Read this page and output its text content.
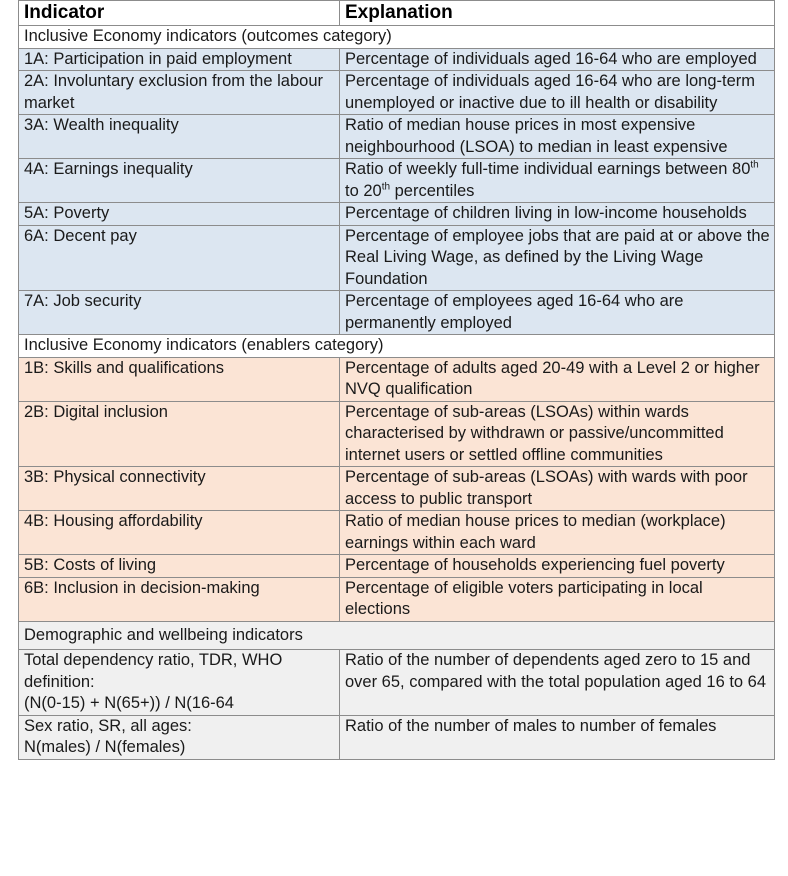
Indicator	Explanation
Inclusive Economy indicators (outcomes category)	
1A: Participation in paid employment	Percentage of individuals aged 16-64 who are employed
2A: Involuntary exclusion from the labour market	Percentage of individuals aged 16-64 who are long-term unemployed or inactive due to ill health or disability
3A: Wealth inequality	Ratio of median house prices in most expensive neighbourhood (LSOA) to median in least expensive
4A: Earnings inequality	Ratio of weekly full-time individual earnings between 80th to 20th percentiles
5A: Poverty	Percentage of children living in low-income households
6A: Decent pay	Percentage of employee jobs that are paid at or above the Real Living Wage, as defined by the Living Wage Foundation
7A: Job security	Percentage of employees aged 16-64 who are permanently employed
Inclusive Economy indicators (enablers category)	
1B: Skills and qualifications	Percentage of adults aged 20-49 with a Level 2 or higher NVQ qualification
2B: Digital inclusion	Percentage of sub-areas (LSOAs) within wards characterised by withdrawn or passive/uncommitted internet users or settled offline communities
3B: Physical connectivity	Percentage of sub-areas (LSOAs) with wards with poor access to public transport
4B: Housing affordability	Ratio of median house prices to median (workplace) earnings within each ward
5B: Costs of living	Percentage of households experiencing fuel poverty
6B: Inclusion in decision-making	Percentage of eligible voters participating in local elections
Demographic and wellbeing indicators	

Total dependency ratio, TDR, WHO definition:
(N(0-15) + N(65+)) / N(16-64	Ratio of the number of dependents aged zero to 15 and over 65, compared with the total population aged 16 to 64

Sex ratio, SR, all ages:
N(males) / N(females)	Ratio of the number of males to number of females
